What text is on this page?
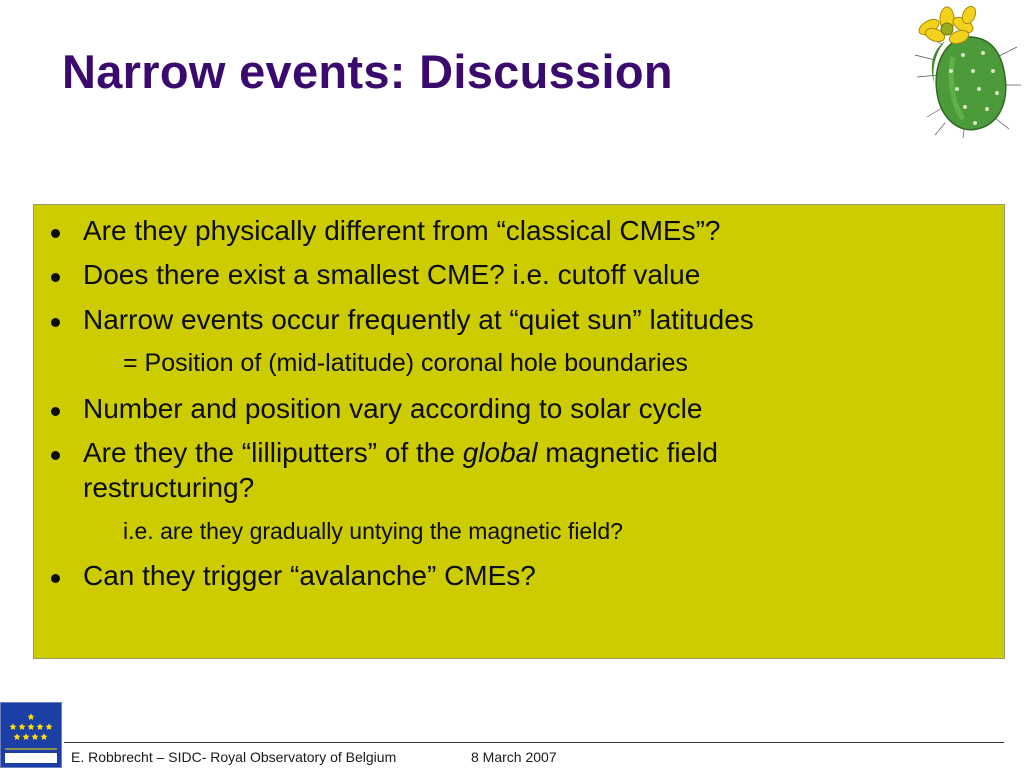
Narrow events: Discussion
Are they physically different from “classical CMEs”?
Does there exist a smallest CME? i.e. cutoff value
Narrow events occur frequently at “quiet sun” latitudes
= Position of (mid-latitude) coronal hole boundaries
Number and position vary according to solar cycle
Are they the “lilliputters” of the global magnetic field
restructuring?
i.e. are they gradually untying the magnetic field?
Can they trigger “avalanche” CMEs?
E. Robbrecht – SIDC- Royal Observatory of Belgium	8 March 2007
